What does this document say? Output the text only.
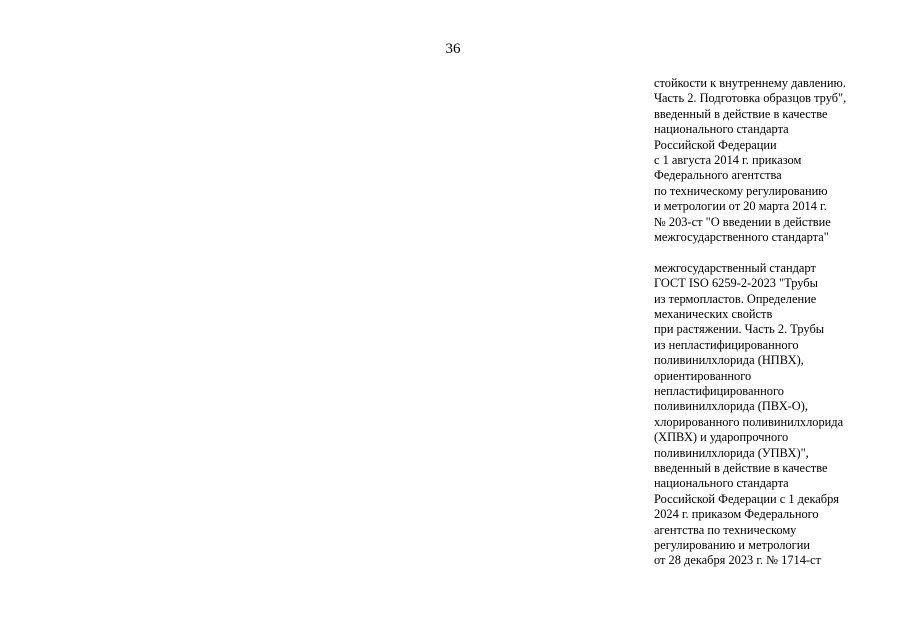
36
стойкости к внутреннему давлению.
Часть 2. Подготовка образцов труб",
введенный в действие в качестве
национального стандарта
Российской Федерации
с 1 августа 2014 г. приказом
Федерального агентства
по техническому регулированию
и метрологии от 20 марта 2014 г.
№ 203-ст "О введении в действие
межгосударственного стандарта"
межгосударственный стандарт
ГОСТ ISO 6259-2-2023 "Трубы
из термопластов. Определение
механических свойств
при растяжении. Часть 2. Трубы
из непластифицированного
поливинилхлорида (НПВХ),
ориентированного
непластифицированного
поливинилхлорида (ПВХ-О),
хлорированного поливинилхлорида
(ХПВХ) и ударопрочного
поливинилхлорида (УПВХ)",
введенный в действие в качестве
национального стандарта
Российской Федерации с 1 декабря
2024 г. приказом Федерального
агентства по техническому
регулированию и метрологии
от 28 декабря 2023 г. № 1714-ст
